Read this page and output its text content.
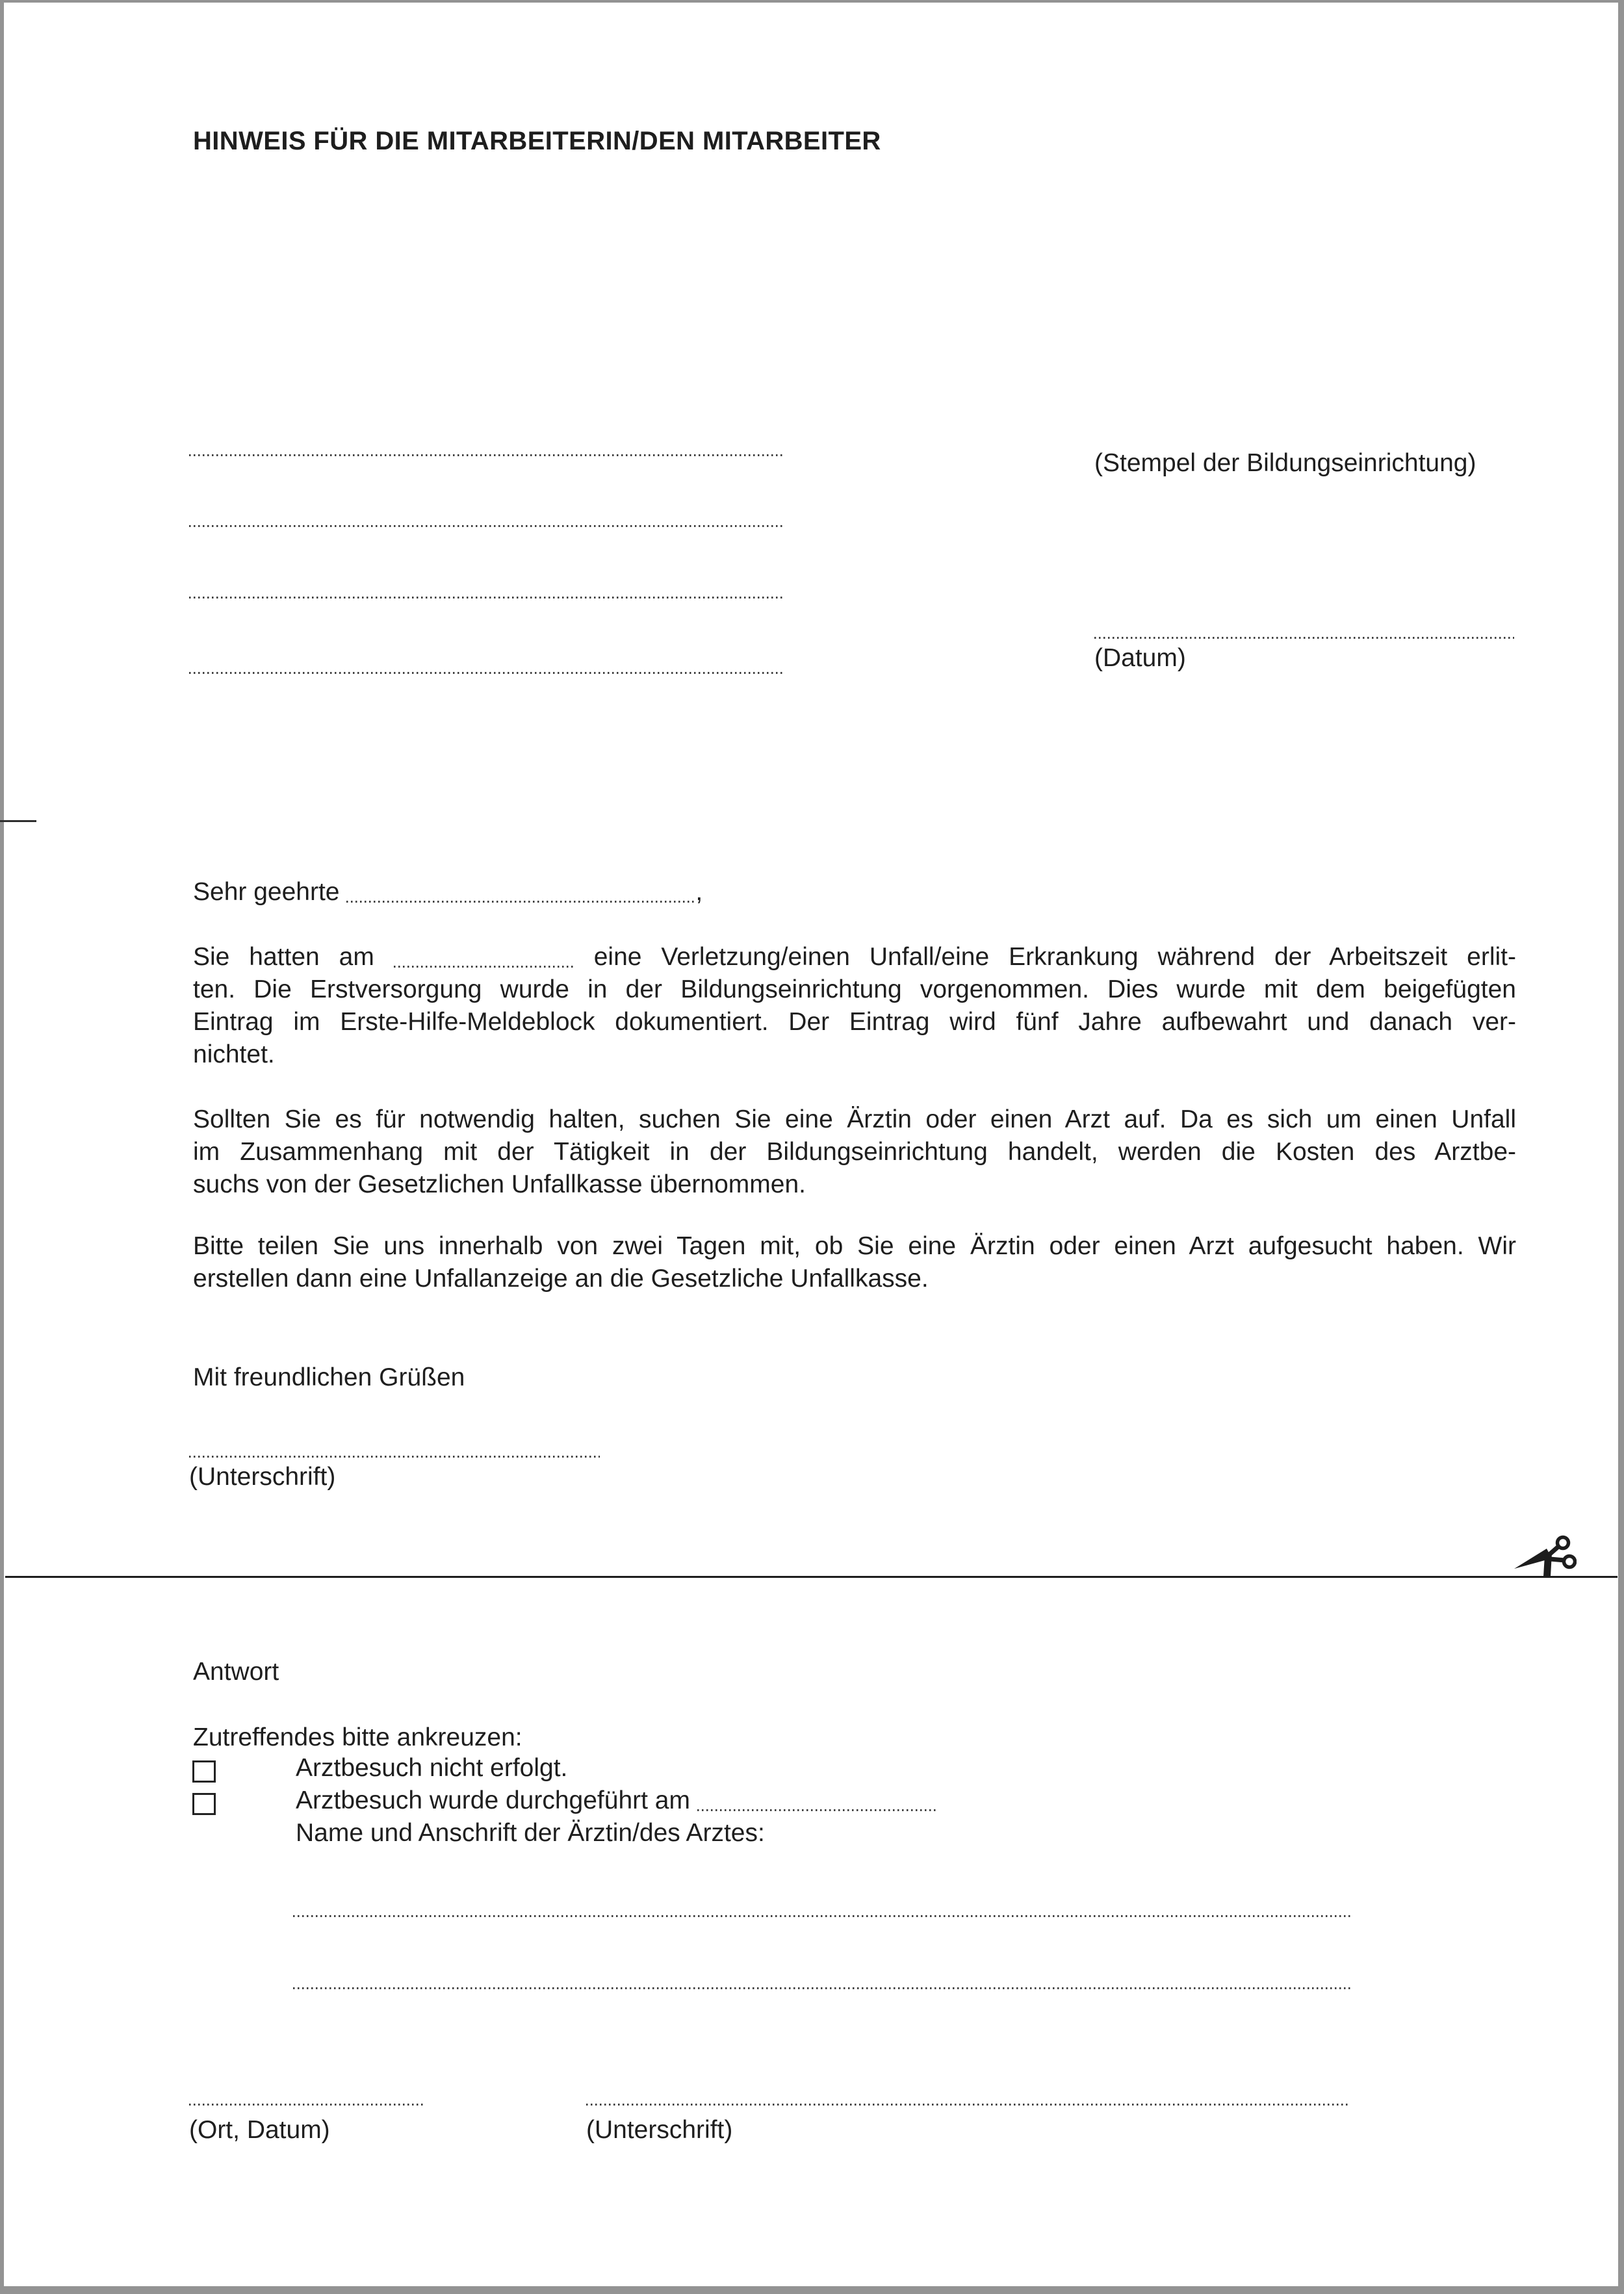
HINWEIS FÜR DIE MITARBEITERIN/DEN MITARBEITER
(Stempel der Bildungseinrichtung)
(Datum)
Sehr geehrte	,
Sie hatten am	eine Verletzung/einen Unfall/eine Erkrankung während der Arbeitszeit erlit-
ten. Die Erstversorgung wurde in der Bildungseinrichtung vorgenommen. Dies wurde mit dem beigefügten
Eintrag im Erste-Hilfe-Meldeblock dokumentiert. Der Eintrag wird fünf Jahre aufbewahrt und danach ver-
nichtet.
Sollten Sie es für notwendig halten, suchen Sie eine Ärztin oder einen Arzt auf. Da es sich um einen Unfall
im Zusammenhang mit der Tätigkeit in der Bildungseinrichtung handelt, werden die Kosten des Arztbe-
suchs von der Gesetzlichen Unfallkasse übernommen.
Bitte teilen Sie uns innerhalb von zwei Tagen mit, ob Sie eine Ärztin oder einen Arzt aufgesucht haben. Wir
erstellen dann eine Unfallanzeige an die Gesetzliche Unfallkasse.
Mit freundlichen Grüßen
(Unterschrift)
Antwort
Zutreffendes bitte ankreuzen:
Arztbesuch nicht erfolgt.
Arztbesuch wurde durchgeführt am
Name und Anschrift der Ärztin/des Arztes:
(Ort, Datum)	(Unterschrift)
